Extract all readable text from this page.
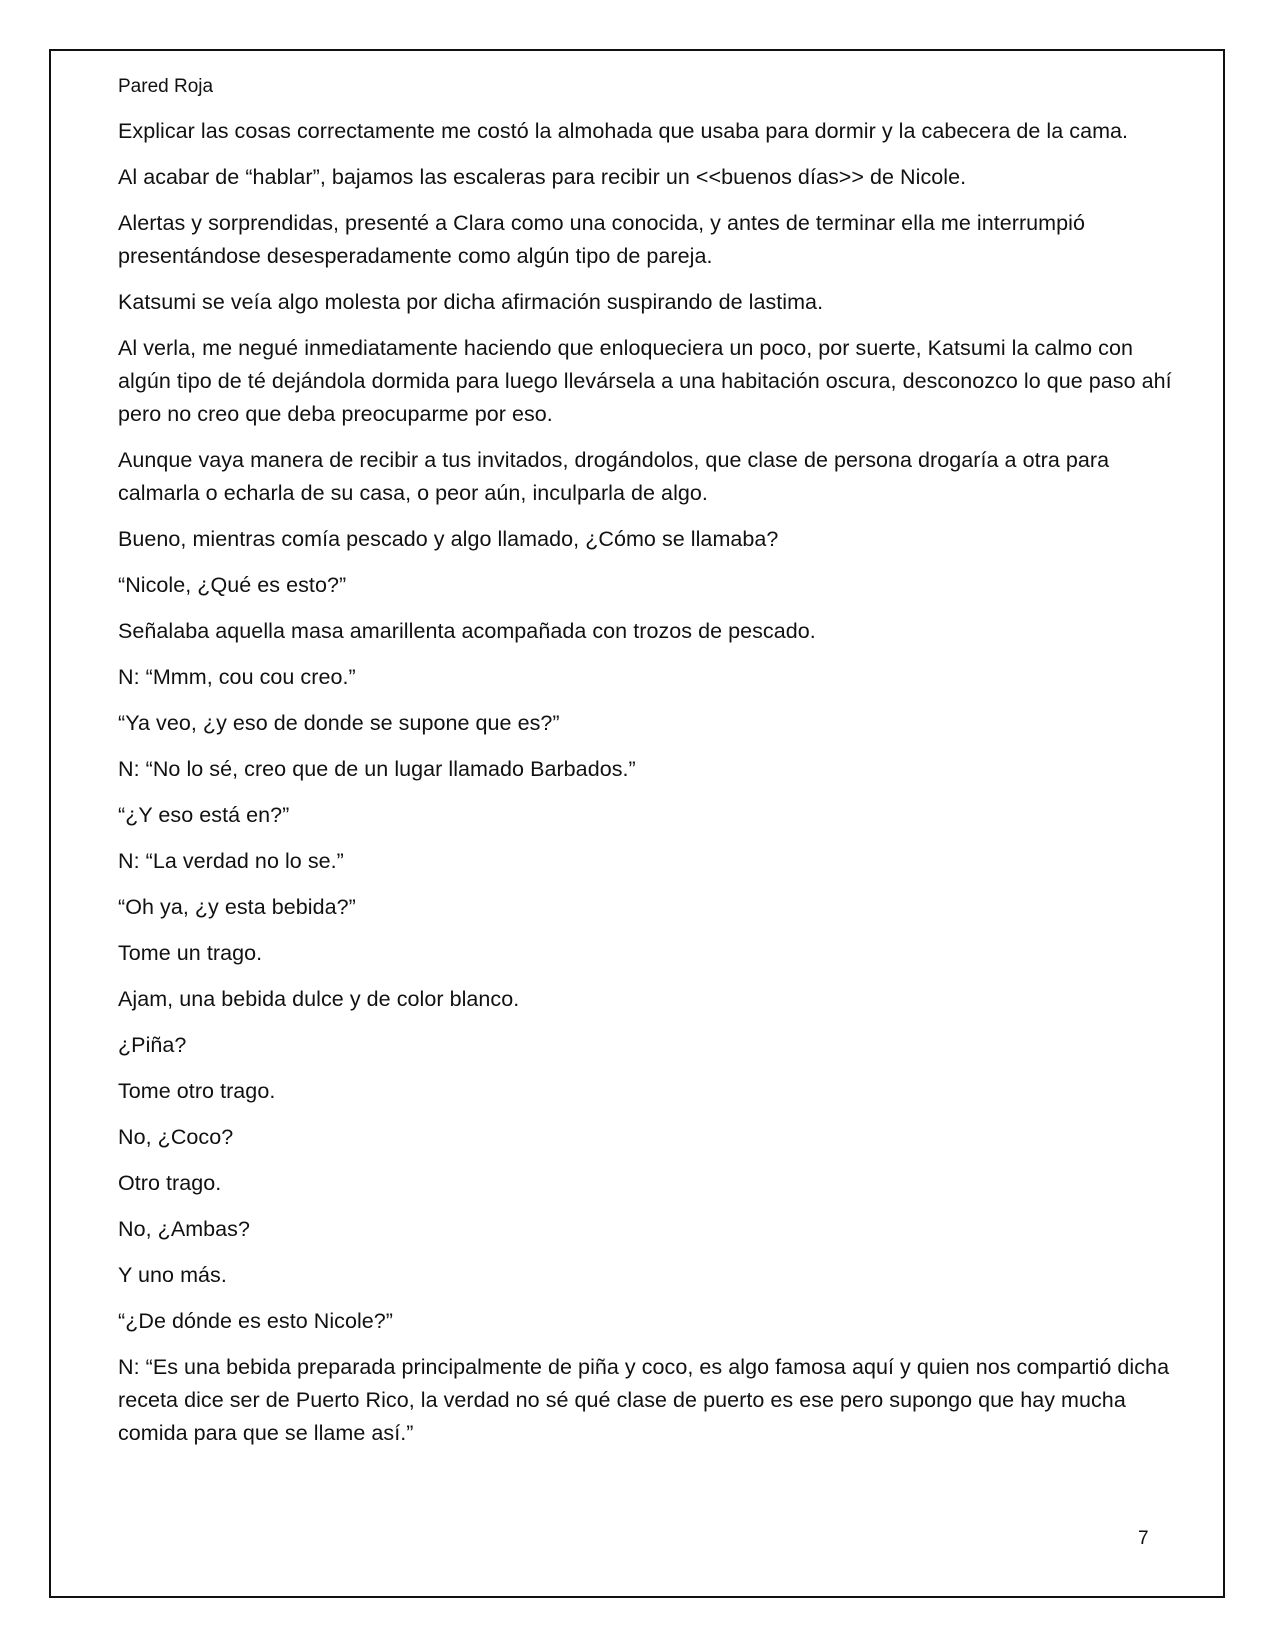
Pared Roja

Explicar las cosas correctamente me costó la almohada que usaba para dormir y la cabecera de la cama.

Al acabar de “hablar”, bajamos las escaleras para recibir un <<buenos días>> de Nicole.

Alertas y sorprendidas, presenté a Clara como una conocida, y antes de terminar ella me interrumpió presentándose desesperadamente como algún tipo de pareja.

Katsumi se veía algo molesta por dicha afirmación suspirando de lastima.

Al verla, me negué inmediatamente haciendo que enloqueciera un poco, por suerte, Katsumi la calmo con algún tipo de té dejándola dormida para luego llevársela a una habitación oscura, desconozco lo que paso ahí pero no creo que deba preocuparme por eso.

Aunque vaya manera de recibir a tus invitados, drogándolos, que clase de persona drogaría a otra para calmarla o echarla de su casa, o peor aún, inculparla de algo.

Bueno, mientras comía pescado y algo llamado, ¿Cómo se llamaba?

“Nicole, ¿Qué es esto?”

Señalaba aquella masa amarillenta acompañada con trozos de pescado.

N: “Mmm, cou cou creo.”

“Ya veo, ¿y eso de donde se supone que es?”

N: “No lo sé, creo que de un lugar llamado Barbados.”

“¿Y eso está en?”

N: “La verdad no lo se.”

“Oh ya, ¿y esta bebida?”

Tome un trago.

Ajam, una bebida dulce y de color blanco.

¿Piña?

Tome otro trago.

No, ¿Coco?

Otro trago.

No, ¿Ambas?

Y uno más.

“¿De dónde es esto Nicole?”

N: “Es una bebida preparada principalmente de piña y coco, es algo famosa aquí y quien nos compartió dicha receta dice ser de Puerto Rico, la verdad no sé qué clase de puerto es ese pero supongo que hay mucha comida para que se llame así.”

7
